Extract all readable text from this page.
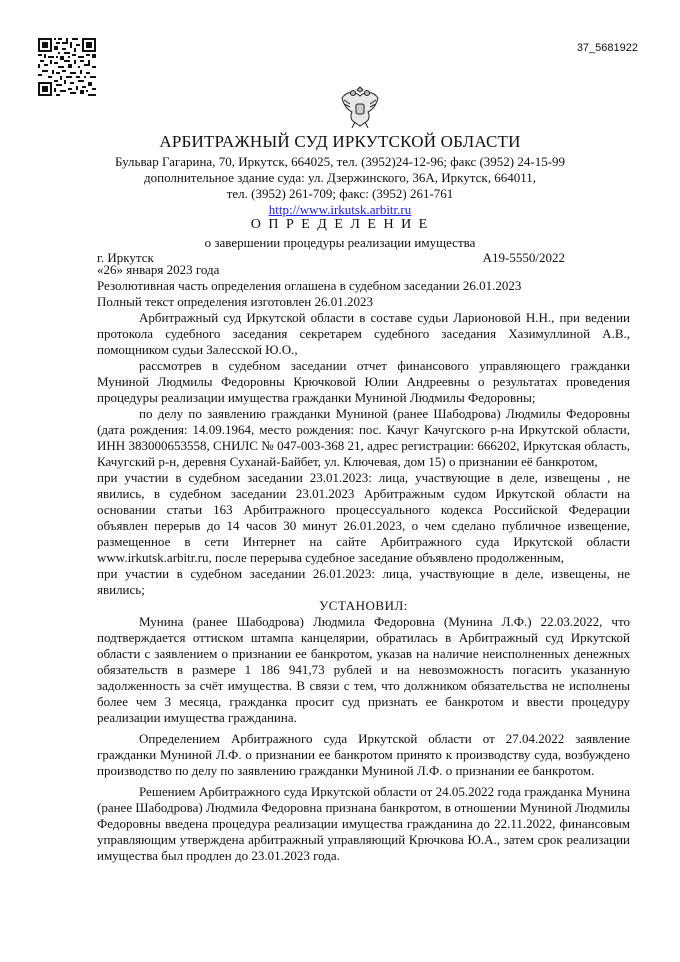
37_5681922
АРБИТРАЖНЫЙ СУД ИРКУТСКОЙ ОБЛАСТИ
Бульвар Гагарина, 70, Иркутск, 664025, тел. (3952)24-12-96; факс (3952) 24-15-99
дополнительное здание суда: ул. Дзержинского, 36А, Иркутск, 664011,
тел. (3952) 261-709; факс: (3952) 261-761
http://www.irkutsk.arbitr.ru
О П Р Е Д Е Л Е Н И Е
о завершении процедуры реализации имущества
г. Иркутск	А19-5550/2022

«26» января 2023 года

Резолютивная часть определения оглашена в судебном заседании 26.01.2023

Полный текст определения изготовлен 26.01.2023

Арбитражный суд Иркутской области в составе судьи Ларионовой Н.Н., при ведении протокола судебного заседания секретарем судебного заседания Хазимуллиной А.В., помощником судьи Залесской Ю.О.,

рассмотрев в судебном заседании отчет финансового управляющего гражданки Муниной Людмилы Федоровны Крючковой Юлии Андреевны о результатах проведения процедуры реализации имущества гражданки Муниной Людмилы Федоровны;

по делу по заявлению гражданки Муниной (ранее Шабодрова) Людмилы Федоровны (дата рождения: 14.09.1964, место рождения: пос. Качуг Качугского р-на Иркутской области, ИНН 383000653558, СНИЛС № 047-003-368 21, адрес регистрации: 666202, Иркутская область, Качугский р-н, деревня Суханай-Байбет, ул. Ключевая, дом 15) о признании её банкротом,

при участии в судебном заседании 23.01.2023: лица, участвующие в деле, извещены , не явились, в судебном заседании 23.01.2023 Арбитражным судом Иркутской области на основании статьи 163 Арбитражного процессуального кодекса Российской Федерации объявлен перерыв до 14 часов 30 минут 26.01.2023, о чем сделано публичное извещение, размещенное в сети Интернет на сайте Арбитражного суда Иркутской области www.irkutsk.arbitr.ru, после перерыва судебное заседание объявлено продолженным,

при участии в судебном заседании 26.01.2023: лица, участвующие в деле, извещены, не явились;

УСТАНОВИЛ:

Мунина (ранее Шабодрова) Людмила Федоровна (Мунина Л.Ф.) 22.03.2022, что подтверждается оттиском штампа канцелярии, обратилась в Арбитражный суд Иркутской области с заявлением о признании ее банкротом, указав на наличие неисполненных денежных обязательств в размере 1 186 941,73 рублей и на невозможность погасить указанную задолженность за счёт имущества. В связи с тем, что должником обязательства не исполнены более чем 3 месяца, гражданка просит суд признать ее банкротом и ввести процедуру реализации имущества гражданина.

Определением Арбитражного суда Иркутской области от 27.04.2022 заявление гражданки Муниной Л.Ф. о признании ее банкротом принято к производству суда, возбуждено производство по делу по заявлению гражданки Муниной Л.Ф. о признании ее банкротом.

Решением Арбитражного суда Иркутской области от 24.05.2022 года гражданка Мунина (ранее Шабодрова) Людмила Федоровна признана банкротом, в отношении Муниной Людмилы Федоровны введена процедура реализации имущества гражданина до 22.11.2022, финансовым управляющим утверждена арбитражный управляющий Крючкова Ю.А., затем срок реализации имущества был продлен до 23.01.2023 года.
